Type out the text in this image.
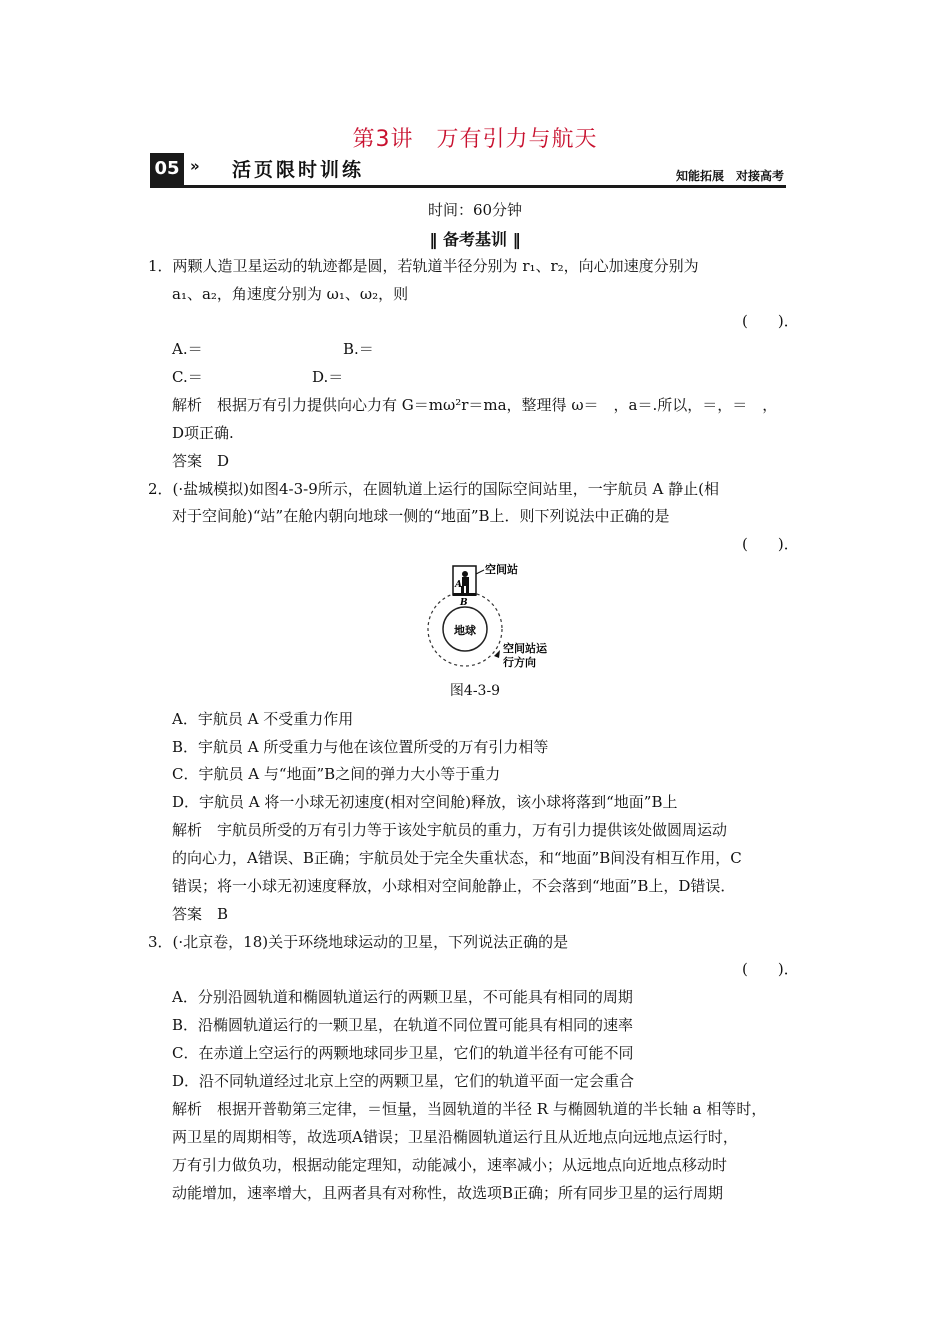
第3讲　万有引力与航天
05 » 活页限时训练	知能拓展　对接高考
时间：60分钟
‖ 备考基训 ‖
1．两颗人造卫星运动的轨迹都是圆，若轨道半径分别为 r₁、r₂，向心加速度分别为
a₁、a₂，角速度分别为 ω₁、ω₂，则
(　　)．
A.＝	B.＝
C.＝	D.＝
解析　根据万有引力提供向心力有 G＝mω²r＝ma，整理得 ω＝　，a＝.所以，＝，＝　，
D项正确.
答案　D
2．(·盐城模拟)如图4-3-9所示，在圆轨道上运行的国际空间站里，一宇航员 A 静止(相
对于空间舱)“站”在舱内朝向地球一侧的“地面”B上．则下列说法中正确的是
(　　)．
地球
A
B
空间站
空间站运
行方向
图4-3-9
A．宇航员 A 不受重力作用
B．宇航员 A 所受重力与他在该位置所受的万有引力相等
C．宇航员 A 与“地面”B之间的弹力大小等于重力
D．宇航员 A 将一小球无初速度(相对空间舱)释放，该小球将落到“地面”B上
解析　宇航员所受的万有引力等于该处宇航员的重力，万有引力提供该处做圆周运动
的向心力，A错误、B正确；宇航员处于完全失重状态，和“地面”B间没有相互作用，C
错误；将一小球无初速度释放，小球相对空间舱静止，不会落到“地面”B上，D错误．
答案　B
3．(·北京卷，18)关于环绕地球运动的卫星，下列说法正确的是
(　　)．
A．分别沿圆轨道和椭圆轨道运行的两颗卫星，不可能具有相同的周期
B．沿椭圆轨道运行的一颗卫星，在轨道不同位置可能具有相同的速率
C．在赤道上空运行的两颗地球同步卫星，它们的轨道半径有可能不同
D．沿不同轨道经过北京上空的两颗卫星，它们的轨道平面一定会重合
解析　根据开普勒第三定律，＝恒量，当圆轨道的半径 R 与椭圆轨道的半长轴 a 相等时，
两卫星的周期相等，故选项A错误；卫星沿椭圆轨道运行且从近地点向远地点运行时，
万有引力做负功，根据动能定理知，动能减小，速率减小；从远地点向近地点移动时
动能增加，速率增大，且两者具有对称性，故选项B正确；所有同步卫星的运行周期
